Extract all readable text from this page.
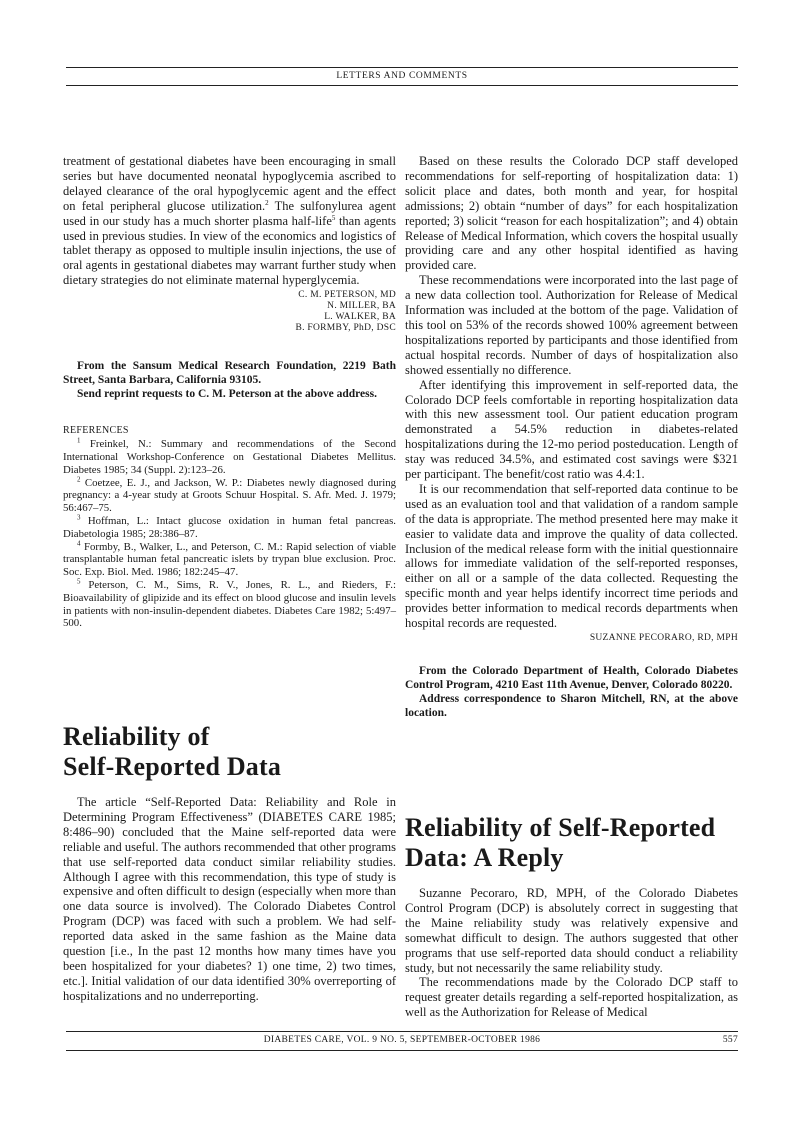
LETTERS AND COMMENTS

treatment of gestational diabetes have been encouraging in small series but have documented neonatal hypoglycemia ascribed to delayed clearance of the oral hypoglycemic agent and the effect on fetal peripheral glucose utilization.$^2$ The sulfonylurea agent used in our study has a much shorter plasma half-life$^5$ than agents used in previous studies. In view of the economics and logistics of tablet therapy as opposed to multiple insulin injections, the use of oral agents in gestational diabetes may warrant further study when dietary strategies do not eliminate maternal hyperglycemia.

C. M. PETERSON, MD
N. MILLER, BA
L. WALKER, BA
B. FORMBY, PhD, DSC

From the Sansum Medical Research Foundation, 2219 Bath Street, Santa Barbara, California 93105.

Send reprint requests to C. M. Peterson at the above address.

REFERENCES

$^1$ Freinkel, N.: Summary and recommendations of the Second International Workshop-Conference on Gestational Diabetes Mellitus. Diabetes 1985; 34 (Suppl. 2):123–26.

$^2$ Coetzee, E. J., and Jackson, W. P.: Diabetes newly diagnosed during pregnancy: a 4-year study at Groots Schuur Hospital. S. Afr. Med. J. 1979; 56:467–75.

$^3$ Hoffman, L.: Intact glucose oxidation in human fetal pancreas. Diabetologia 1985; 28:386–87.

$^4$ Formby, B., Walker, L., and Peterson, C. M.: Rapid selection of viable transplantable human fetal pancreatic islets by trypan blue exclusion. Proc. Soc. Exp. Biol. Med. 1986; 182:245–47.

$^5$ Peterson, C. M., Sims, R. V., Jones, R. L., and Rieders, F.: Bioavailability of glipizide and its effect on blood glucose and insulin levels in patients with non-insulin-dependent diabetes. Diabetes Care 1982; 5:497–500.

Reliability of
Self-Reported Data

The article “Self-Reported Data: Reliability and Role in Determining Program Effectiveness” (DIABETES CARE 1985; 8:486–90) concluded that the Maine self-reported data were reliable and useful. The authors recommended that other programs that use self-reported data conduct similar reliability studies. Although I agree with this recommendation, this type of study is expensive and often difficult to design (especially when more than one data source is involved). The Colorado Diabetes Control Program (DCP) was faced with such a problem. We had self-reported data asked in the same fashion as the Maine data question [i.e., In the past 12 months how many times have you been hospitalized for your diabetes? 1) one time, 2) two times, etc.]. Initial validation of our data identified 30% overreporting of hospitalizations and no underreporting.

Based on these results the Colorado DCP staff developed recommendations for self-reporting of hospitalization data: 1) solicit place and dates, both month and year, for hospital admissions; 2) obtain “number of days” for each hospitalization reported; 3) solicit “reason for each hospitalization”; and 4) obtain Release of Medical Information, which covers the hospital usually providing care and any other hospital identified as having provided care.

These recommendations were incorporated into the last page of a new data collection tool. Authorization for Release of Medical Information was included at the bottom of the page. Validation of this tool on 53% of the records showed 100% agreement between hospitalizations reported by participants and those identified from actual hospital records. Number of days of hospitalization also showed essentially no difference.

After identifying this improvement in self-reported data, the Colorado DCP feels comfortable in reporting hospitalization data with this new assessment tool. Our patient education program demonstrated a 54.5% reduction in diabetes-related hospitalizations during the 12-mo period posteducation. Length of stay was reduced 34.5%, and estimated cost savings were $321 per participant. The benefit/cost ratio was 4.4:1.

It is our recommendation that self-reported data continue to be used as an evaluation tool and that validation of a random sample of the data is appropriate. The method presented here may make it easier to validate data and improve the quality of data collected. Inclusion of the medical release form with the initial questionnaire allows for immediate validation of the self-reported responses, either on all or a sample of the data collected. Requesting the specific month and year helps identify incorrect time periods and provides better information to medical records departments when hospital records are requested.

SUZANNE PECORARO, RD, MPH

From the Colorado Department of Health, Colorado Diabetes Control Program, 4210 East 11th Avenue, Denver, Colorado 80220.

Address correspondence to Sharon Mitchell, RN, at the above location.

Reliability of Self-Reported
Data: A Reply

Suzanne Pecoraro, RD, MPH, of the Colorado Diabetes Control Program (DCP) is absolutely correct in suggesting that the Maine reliability study was relatively expensive and somewhat difficult to design. The authors suggested that other programs that use self-reported data should conduct a reliability study, but not necessarily the same reliability study.

The recommendations made by the Colorado DCP staff to request greater details regarding a self-reported hospitalization, as well as the Authorization for Release of Medical

DIABETES CARE, VOL. 9 NO. 5, SEPTEMBER-OCTOBER 1986	557
